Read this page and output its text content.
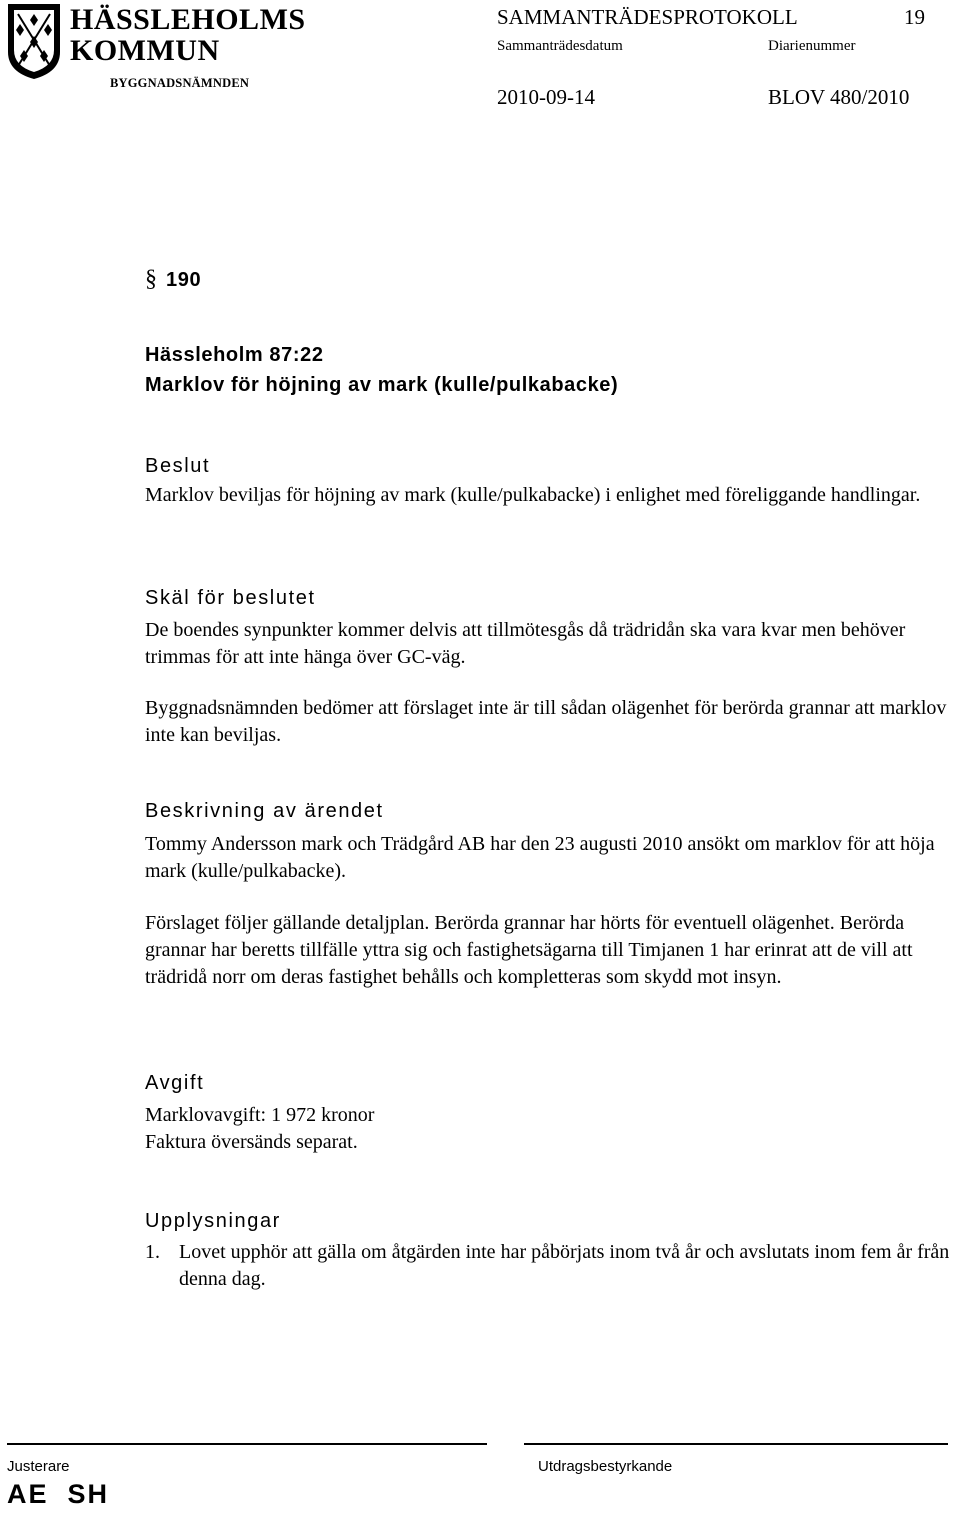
HÄSSLEHOLMS
KOMMUN
BYGGNADSNÄMNDEN
SAMMANTRÄDESPROTOKOLL	19
Sammanträdesdatum	Diarienummer
2010-09-14	BLOV 480/2010
§ 190
Hässleholm 87:22
Marklov för höjning av mark (kulle/pulkabacke)
Beslut
Marklov beviljas för höjning av mark (kulle/pulkabacke) i enlighet med föreliggande handlingar.
Skäl för beslutet
De boendes synpunkter kommer delvis att tillmötesgås då trädridån ska vara kvar men behöver trimmas för att inte hänga över GC-väg.
Byggnadsnämnden bedömer att förslaget inte är till sådan olägenhet för berörda grannar att marklov inte kan beviljas.
Beskrivning av ärendet
Tommy Andersson mark och Trädgård AB har den 23 augusti 2010 ansökt om marklov för att höja mark (kulle/pulkabacke).
Förslaget följer gällande detaljplan. Berörda grannar har hörts för eventuell olägenhet. Berörda grannar har beretts tillfälle yttra sig och fastighetsägarna till Timjanen 1 har erinrat att de vill att trädridå norr om deras fastighet behålls och kompletteras som skydd mot insyn.
Avgift
Marklovavgift: 1 972 kronor
Faktura översänds separat.
Upplysningar
1. Lovet upphör att gälla om åtgärden inte har påbörjats inom två år och avslutats inom fem år från denna dag.
Justerare	Utdragsbestyrkande
AE  SH
